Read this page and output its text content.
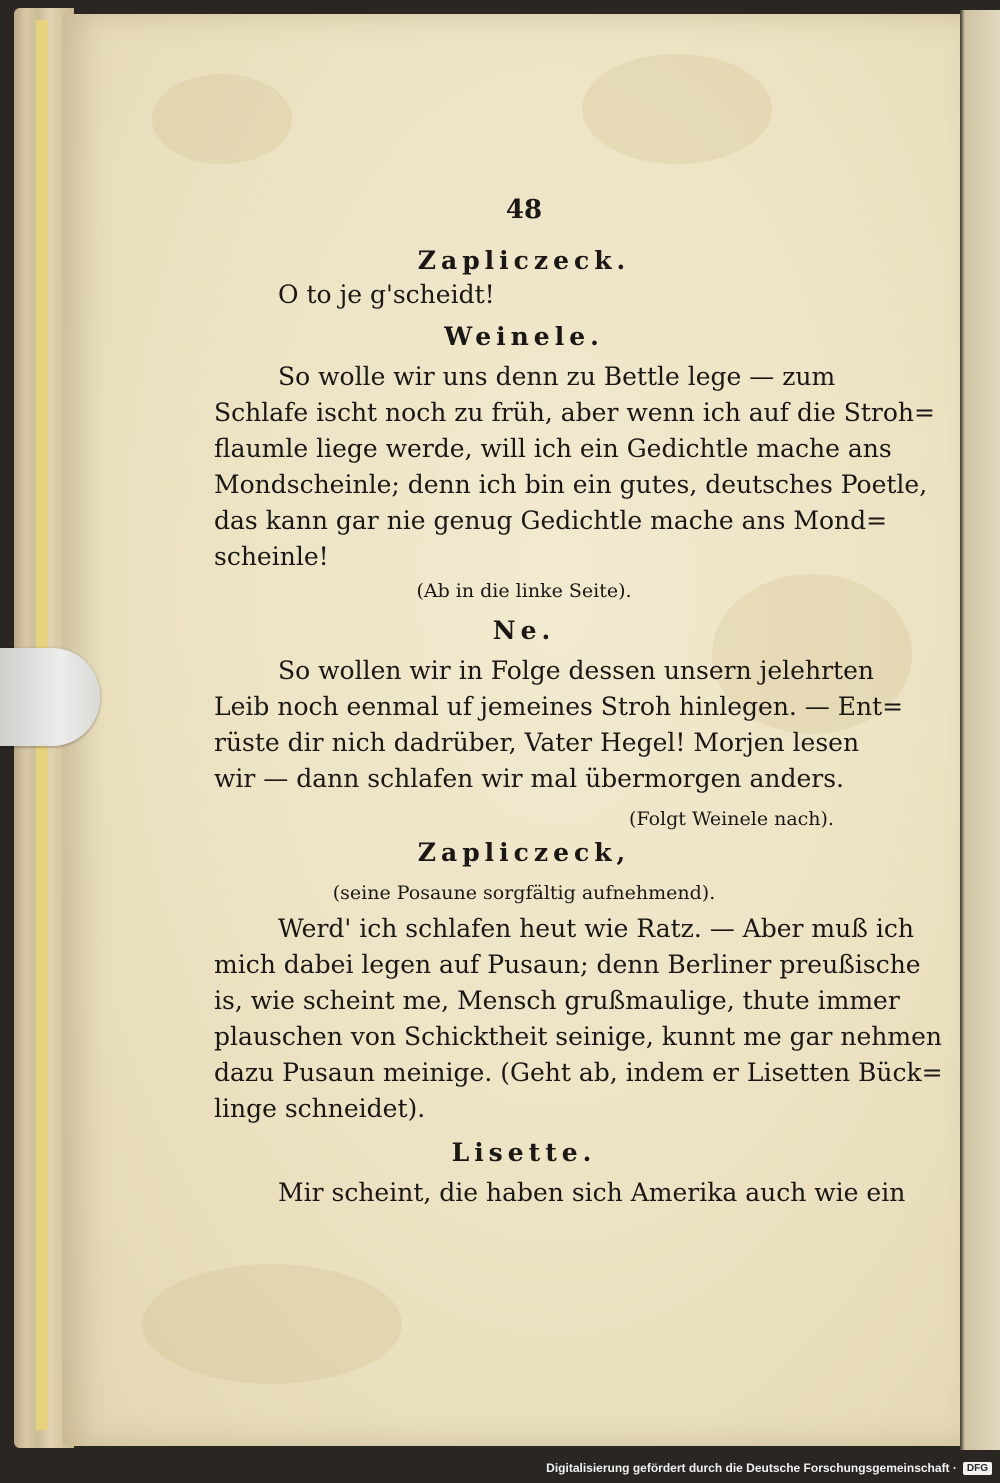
48
Zapliczeck.
O to je g'scheidt!
Weinele.
So wolle wir uns denn zu Bettle lege — zum
Schlafe ischt noch zu früh, aber wenn ich auf die Stroh=
flaumle liege werde, will ich ein Gedichtle mache ans
Mondscheinle; denn ich bin ein gutes, deutsches Poetle,
das kann gar nie genug Gedichtle mache ans Mond=
scheinle!
(Ab in die linke Seite).
Ne.
So wollen wir in Folge dessen unsern jelehrten
Leib noch eenmal uf jemeines Stroh hinlegen. — Ent=
rüste dir nich dadrüber, Vater Hegel! Morjen lesen
wir — dann schlafen wir mal übermorgen anders.
(Folgt Weinele nach).
Zapliczeck,
(seine Posaune sorgfältig aufnehmend).
Werd' ich schlafen heut wie Ratz. — Aber muß ich
mich dabei legen auf Pusaun; denn Berliner preußische
is, wie scheint me, Mensch grußmaulige, thute immer
plauschen von Schicktheit seinige, kunnt me gar nehmen
dazu Pusaun meinige. (Geht ab, indem er Lisetten Bück=
linge schneidet).
Lisette.
Mir scheint, die haben sich Amerika auch wie ein
Digitalisierung gefördert durch die Deutsche Forschungsgemeinschaft ·	DFG
